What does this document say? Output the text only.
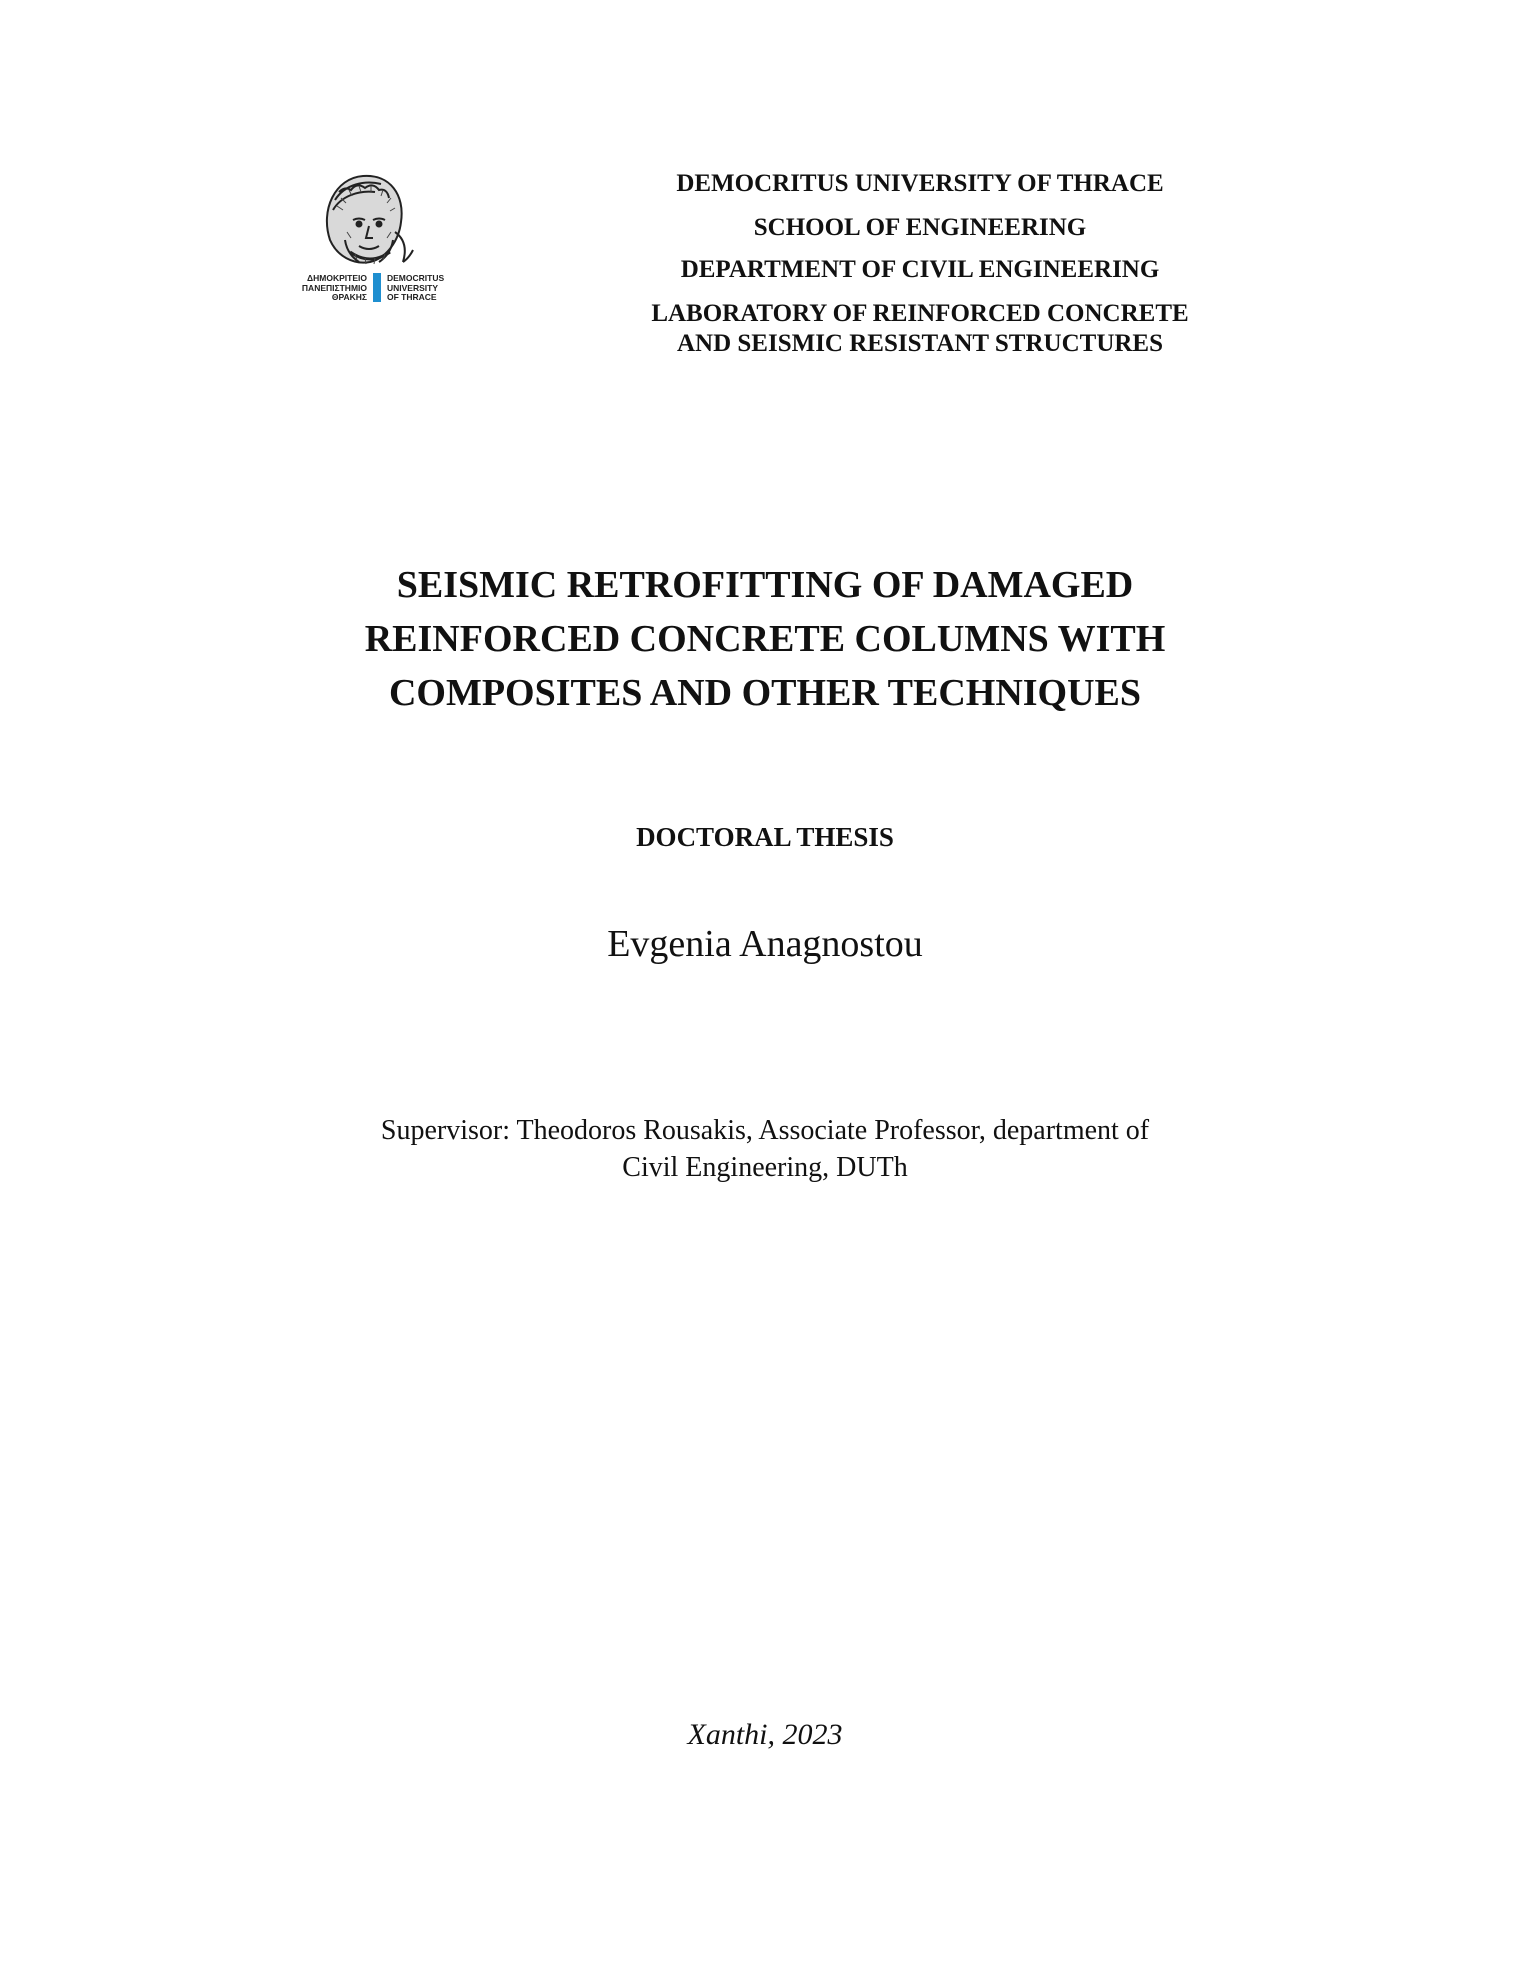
ΔΗΜΟΚΡΙΤΕΙΟ
ΠΑΝΕΠΙΣΤΗΜΙΟ
ΘΡΑΚΗΣ
DEMOCRITUS
UNIVERSITY
OF THRACE
DEMOCRITUS UNIVERSITY OF THRACE
SCHOOL OF ENGINEERING
DEPARTMENT OF CIVIL ENGINEERING
LABORATORY OF REINFORCED CONCRETE
AND SEISMIC RESISTANT STRUCTURES
SEISMIC RETROFITTING OF DAMAGED
REINFORCED CONCRETE COLUMNS WITH
COMPOSITES AND OTHER TECHNIQUES
DOCTORAL THESIS
Evgenia Anagnostou
Supervisor: Theodoros Rousakis, Associate Professor, department of
Civil Engineering, DUTh
Xanthi, 2023
